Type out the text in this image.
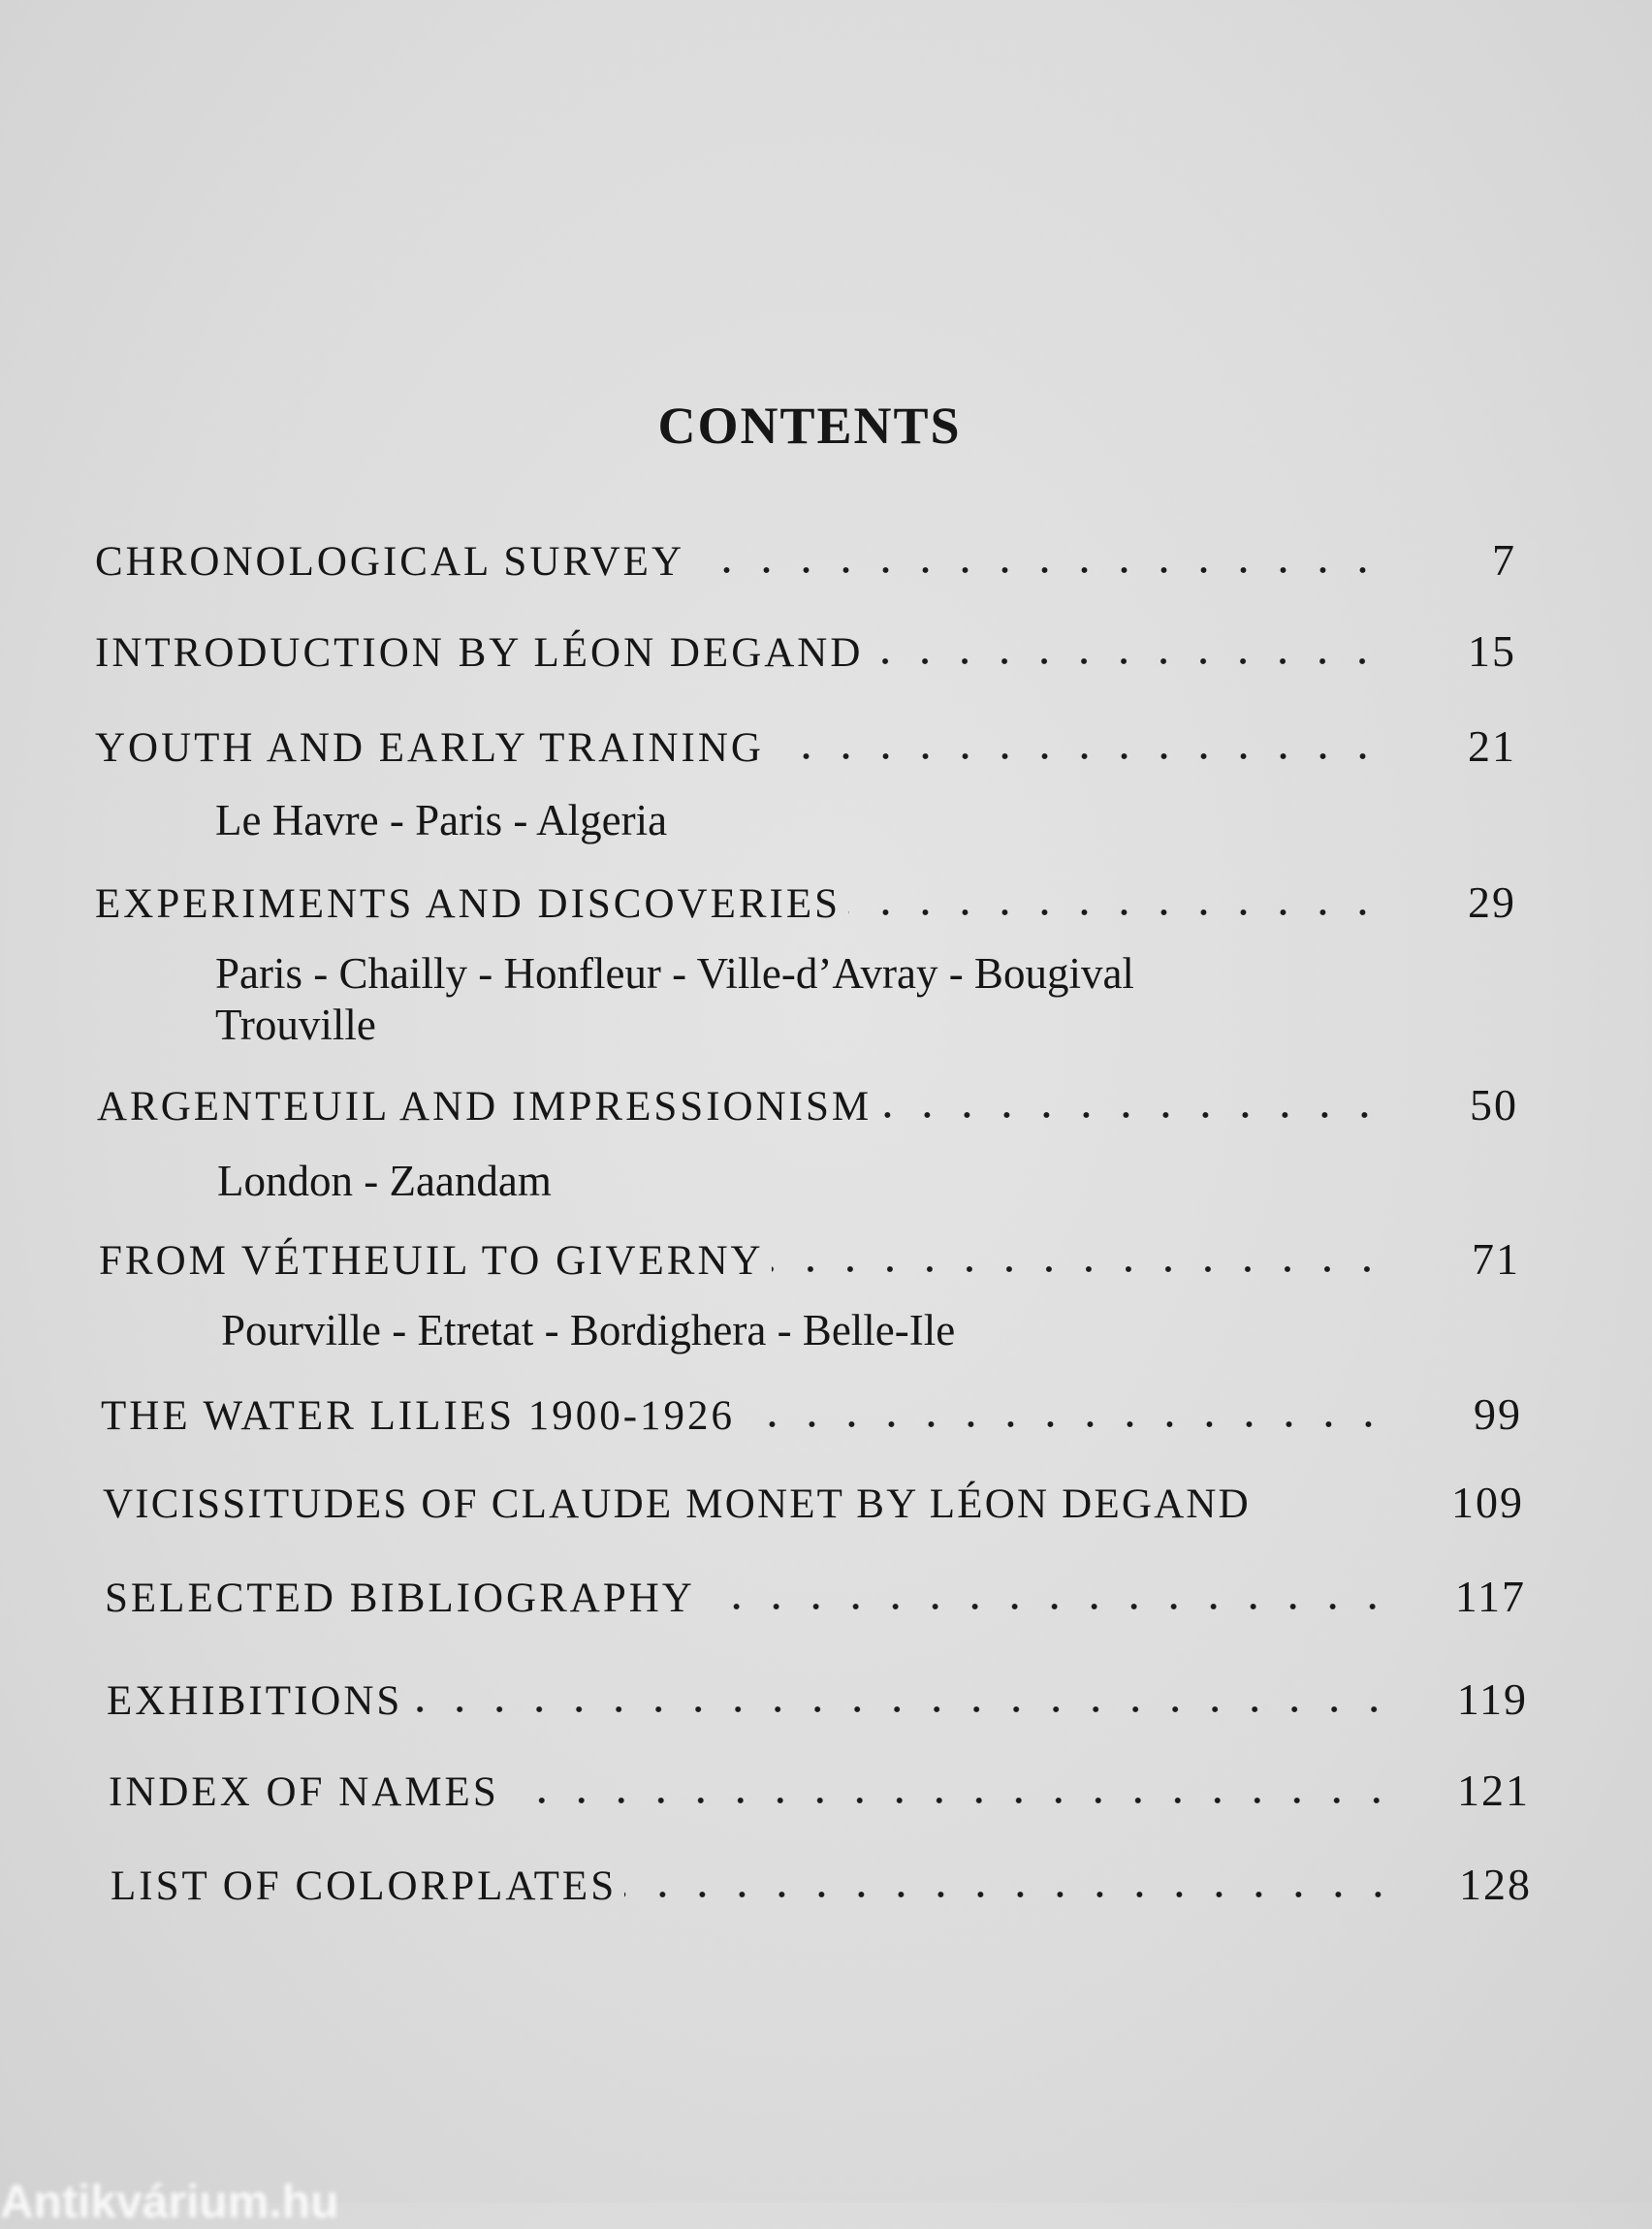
CONTENTS
CHRONOLOGICAL SURVEY	7
INTRODUCTION BY LÉON DEGAND	15
YOUTH AND EARLY TRAINING	21
Le Havre - Paris - Algeria
EXPERIMENTS AND DISCOVERIES	29
Paris - Chailly - Honfleur - Ville-d’Avray - Bougival
Trouville
ARGENTEUIL AND IMPRESSIONISM	50
London - Zaandam
FROM VÉTHEUIL TO GIVERNY	71
Pourville - Etretat - Bordighera - Belle-Ile
THE WATER LILIES 1900-1926	99
VICISSITUDES OF CLAUDE MONET BY LÉON DEGAND	109
SELECTED BIBLIOGRAPHY	117
EXHIBITIONS	119
INDEX OF NAMES	121
LIST OF COLORPLATES	128
Antikvárium.hu
